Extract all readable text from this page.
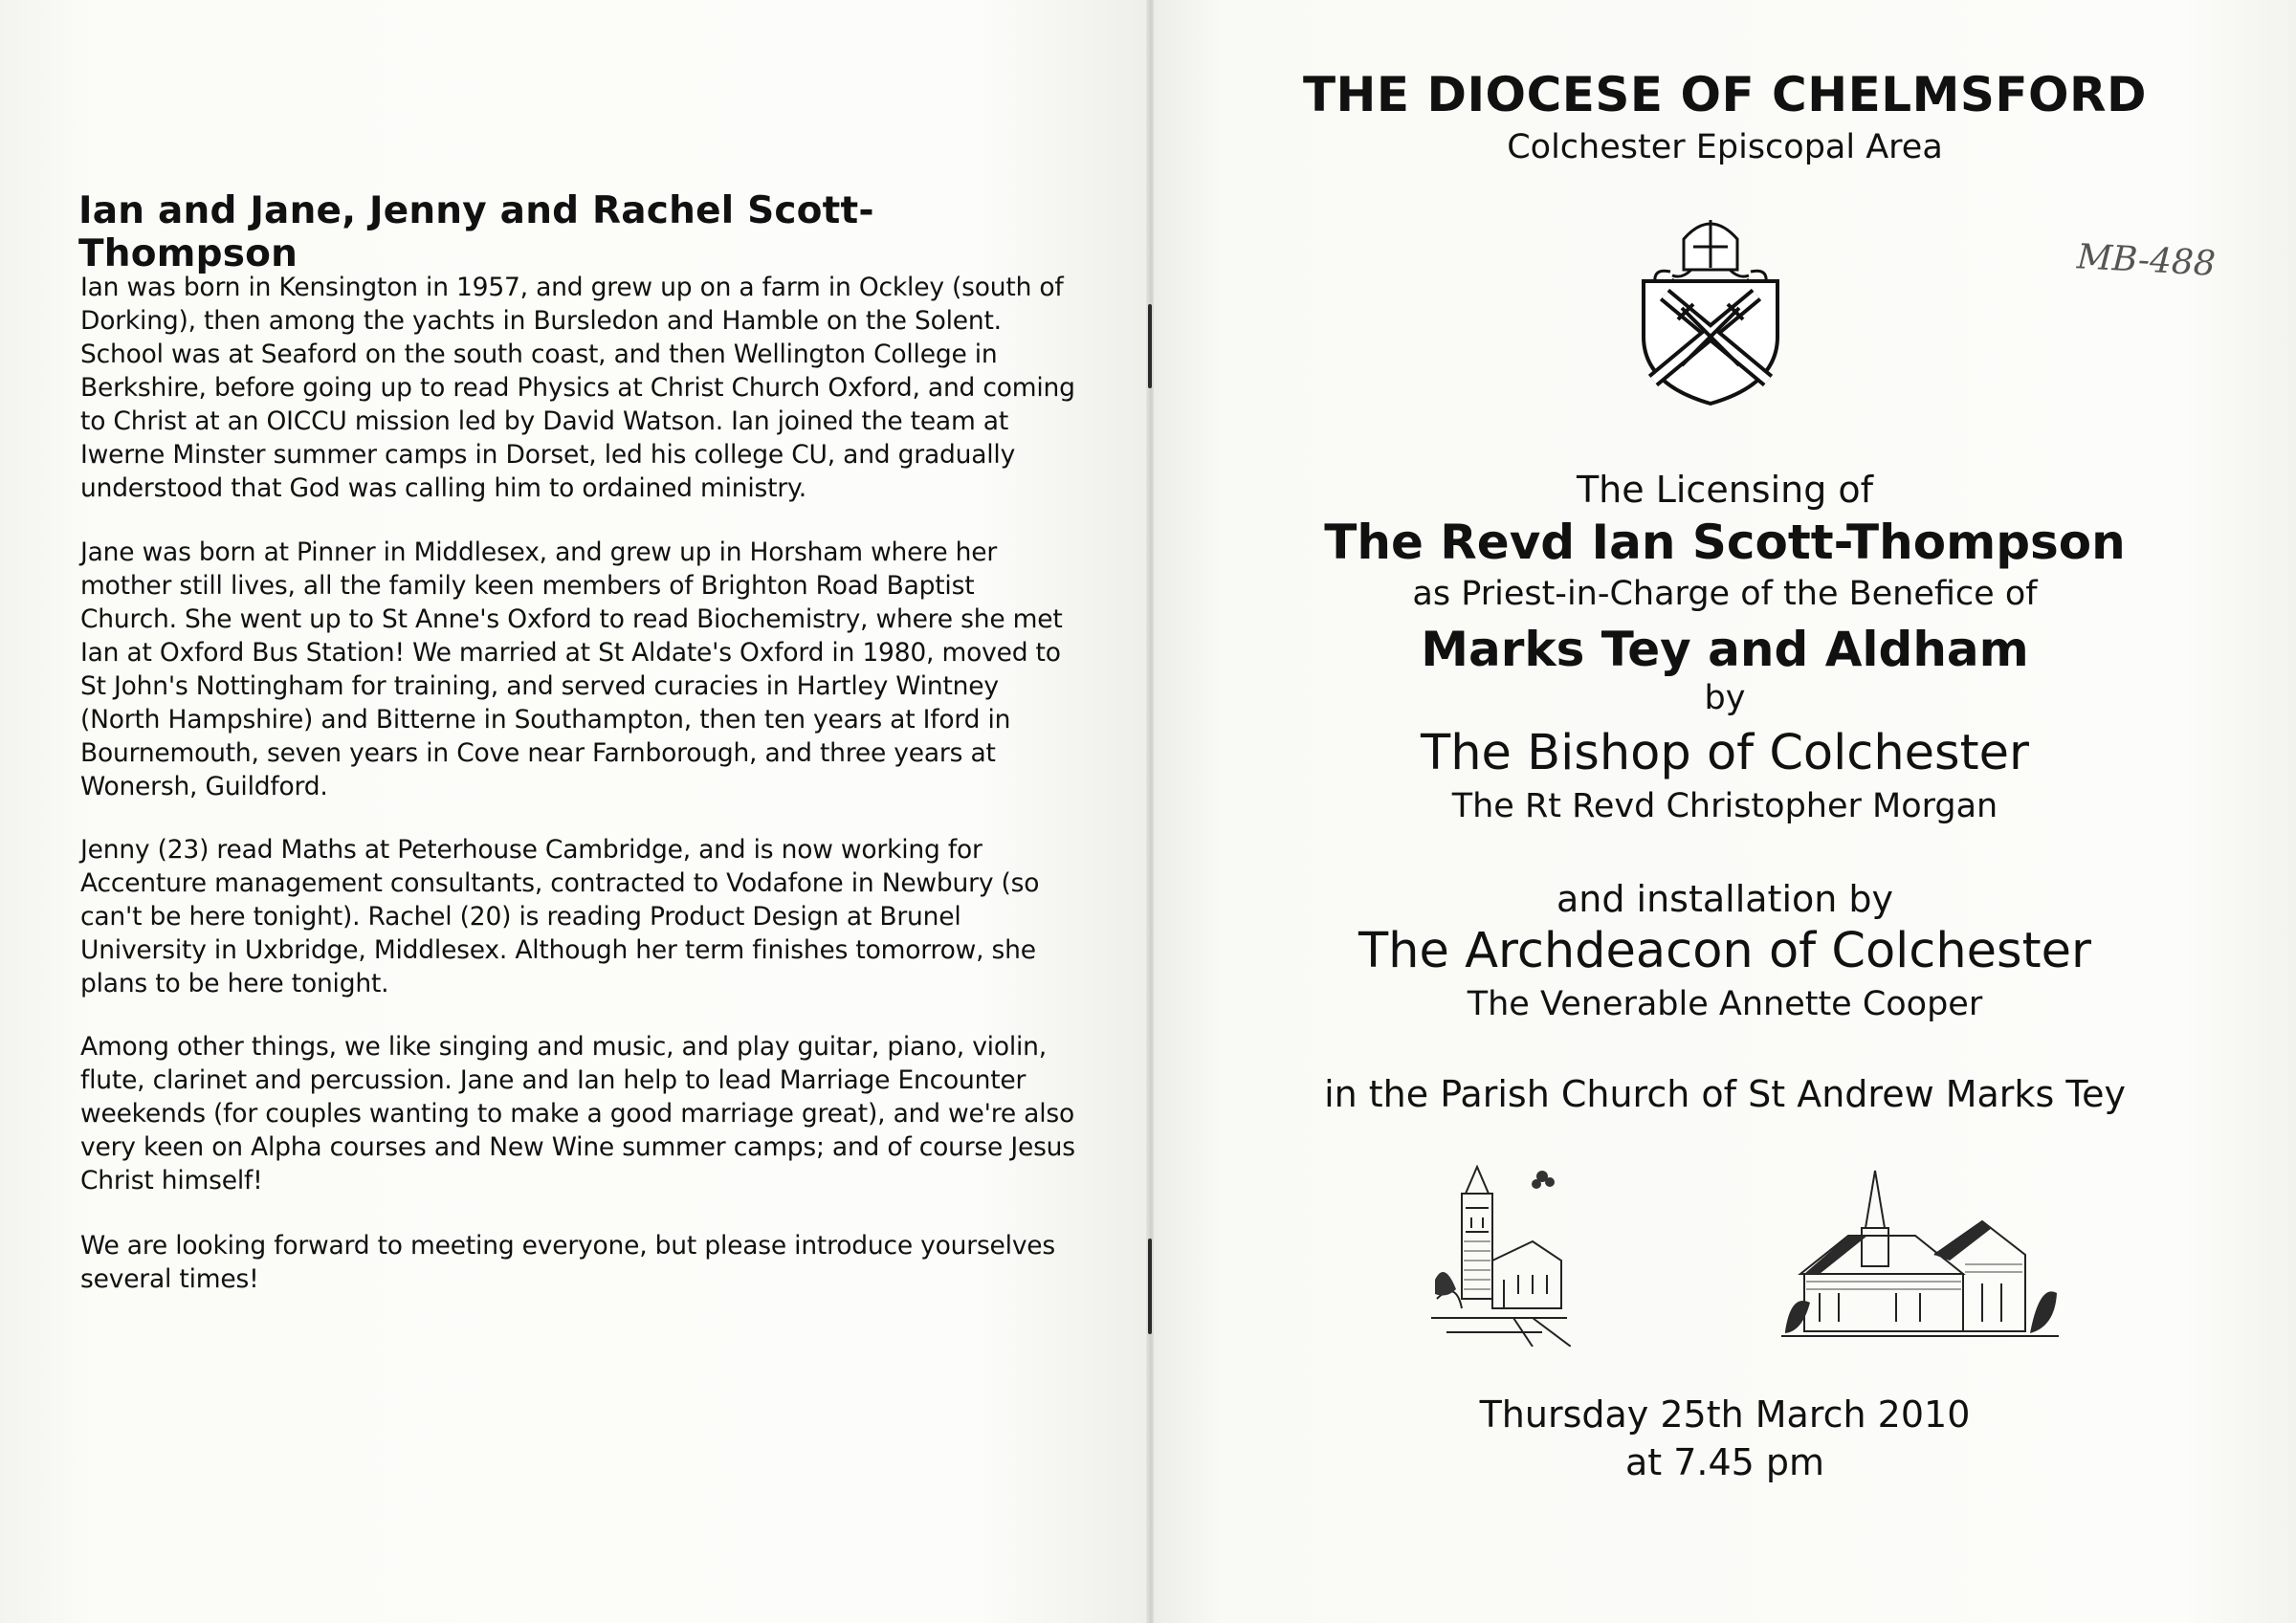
Ian and Jane, Jenny and Rachel Scott-Thompson

Ian was born in Kensington in 1957, and grew up on a farm in Ockley (south of Dorking), then among the yachts in Bursledon and Hamble on the Solent. School was at Seaford on the south coast, and then Wellington College in Berkshire, before going up to read Physics at Christ Church Oxford, and coming to Christ at an OICCU mission led by David Watson. Ian joined the team at Iwerne Minster summer camps in Dorset, led his college CU, and gradually understood that God was calling him to ordained ministry.

Jane was born at Pinner in Middlesex, and grew up in Horsham where her mother still lives, all the family keen members of Brighton Road Baptist Church. She went up to St Anne's Oxford to read Biochemistry, where she met Ian at Oxford Bus Station! We married at St Aldate's Oxford in 1980, moved to St John's Nottingham for training, and served curacies in Hartley Wintney (North Hampshire) and Bitterne in Southampton, then ten years at Iford in Bournemouth, seven years in Cove near Farnborough, and three years at Wonersh, Guildford.

Jenny (23) read Maths at Peterhouse Cambridge, and is now working for Accenture management consultants, contracted to Vodafone in Newbury (so can't be here tonight). Rachel (20) is reading Product Design at Brunel University in Uxbridge, Middlesex. Although her term finishes tomorrow, she plans to be here tonight.

Among other things, we like singing and music, and play guitar, piano, violin, flute, clarinet and percussion. Jane and Ian help to lead Marriage Encounter weekends (for couples wanting to make a good marriage great), and we're also very keen on Alpha courses and New Wine summer camps; and of course Jesus Christ himself!

We are looking forward to meeting everyone, but please introduce yourselves several times!

THE DIOCESE OF CHELMSFORD

Colchester Episcopal Area

MB-488

The Licensing of

The Revd Ian Scott-Thompson

as Priest-in-Charge of the Benefice of

Marks Tey and Aldham

by

The Bishop of Colchester

The Rt Revd Christopher Morgan

and installation by

The Archdeacon of Colchester

The Venerable Annette Cooper

in the Parish Church of St Andrew Marks Tey

Thursday 25th March 2010

at 7.45 pm
